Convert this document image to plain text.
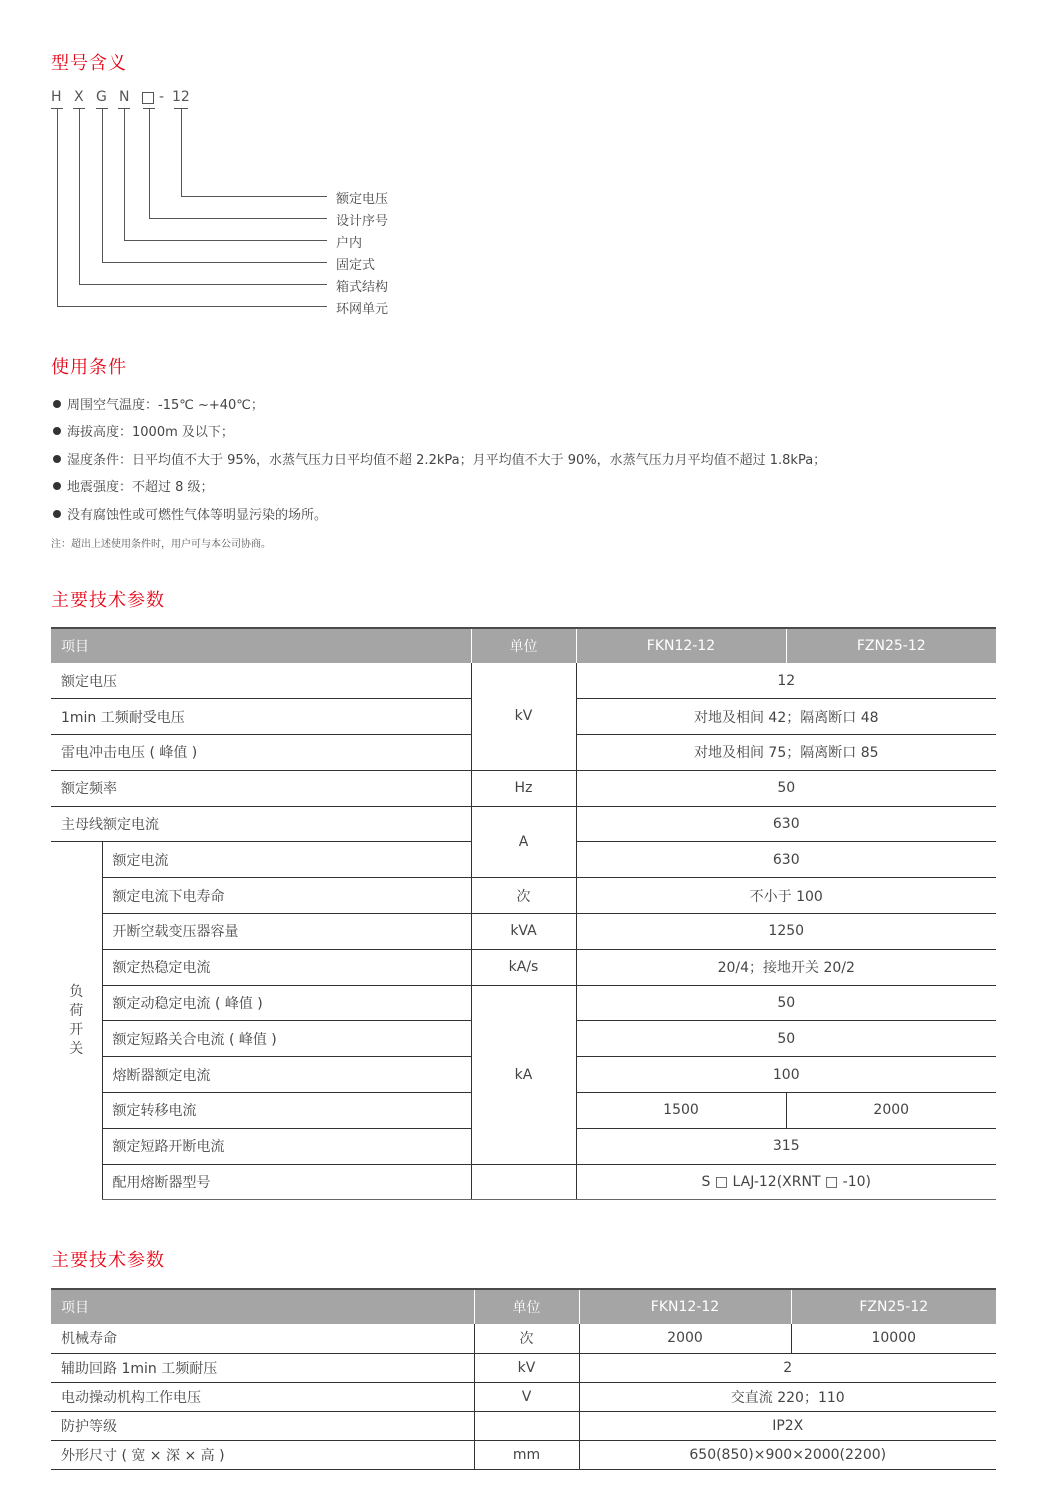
型号含义
H X G N - 12
额定电压
设计序号
户内
固定式
箱式结构
环网单元
使用条件
周围空气温度：-15℃ ~+40℃；
海拔高度：1000m 及以下；
湿度条件：日平均值不大于 95%，水蒸气压力日平均值不超 2.2kPa；月平均值不大于 90%，水蒸气压力月平均值不超过 1.8kPa；
地震强度：不超过 8 级；
没有腐蚀性或可燃性气体等明显污染的场所。
注：超出上述使用条件时，用户可与本公司协商。
主要技术参数
项目		单位	FKN12-12	FZN25-12
额定电压		kV	12	
1min 工频耐受电压			对地及相间 42；隔离断口 48	
雷电冲击电压 ( 峰值 )			对地及相间 75；隔离断口 85	
额定频率		Hz	50	
主母线额定电流		A	630	
负
荷
开
关	额定电流		630	
	额定电流下电寿命	次	不小于 100	
	开断空载变压器容量	kVA	1250	
	额定热稳定电流	kA/s	20/4；接地开关 20/2	
	额定动稳定电流 ( 峰值 )	kA	50	
	额定短路关合电流 ( 峰值 )		50	
	熔断器额定电流		100	
	额定转移电流		1500	2000
	额定短路开断电流		315	
	配用熔断器型号		S □ LAJ-12(XRNT □ -10)	
主要技术参数
项目	单位	FKN12-12	FZN25-12
机械寿命	次	2000	10000
辅助回路 1min 工频耐压	kV	2	
电动操动机构工作电压	V	交直流 220；110	
防护等级		IP2X	
外形尺寸 ( 宽 × 深 × 高 )	mm	650(850)×900×2000(2200)	
